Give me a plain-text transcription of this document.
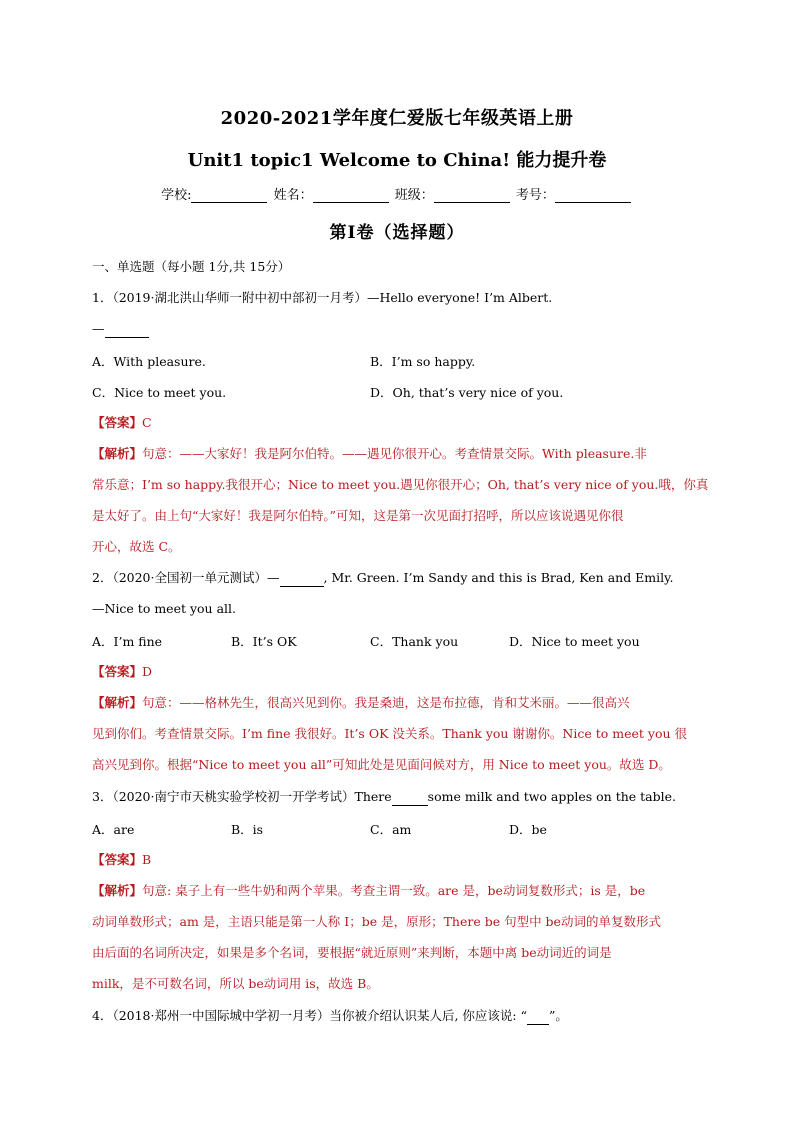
2020-2021学年度仁爱版七年级英语上册
Unit1 topic1 Welcome to China! 能力提升卷
学校:	姓名：	班级：	考号：
第Ⅰ卷（选择题）
一、单选题（每小题 1分,共 15分）
1．（2019·湖北洪山华师一附中初中部初一月考）—Hello everyone! I’m Albert.
—
A．With pleasure.	B．I’m so happy.
C．Nice to meet you.	D．Oh, that’s very nice of you.
【答案】C
【解析】句意：——大家好！我是阿尔伯特。——遇见你很开心。考查情景交际。With pleasure.非
常乐意；I’m so happy.我很开心；Nice to meet you.遇见你很开心；Oh, that’s very nice of you.哦，你真
是太好了。由上句“大家好！我是阿尔伯特。”可知，这是第一次见面打招呼，所以应该说遇见你很
开心，故选 C。
2．（2020·全国初一单元测试）—	, Mr. Green. I’m Sandy and this is Brad, Ken and Emily.
—Nice to meet you all.
A．I’m fine	B．It’s OK	C．Thank you	D．Nice to meet you
【答案】D
【解析】句意：——格林先生，很高兴见到你。我是桑迪，这是布拉德，肯和艾米丽。——很高兴
见到你们。考查情景交际。I’m fine 我很好。It’s OK 没关系。Thank you 谢谢你。Nice to meet you 很
高兴见到你。根据“Nice to meet you all”可知此处是见面问候对方，用 Nice to meet you。故选 D。
3．（2020·南宁市天桃实验学校初一开学考试）There	some milk and two apples on the table.
A．are	B．is	C．am	D．be
【答案】B
【解析】句意: 桌子上有一些牛奶和两个苹果。考查主谓一致。are 是，be动词复数形式；is 是，be
动词单数形式；am 是，主语只能是第一人称 I；be 是，原形；There be 句型中 be动词的单复数形式
由后面的名词所决定，如果是多个名词，要根据“就近原则”来判断，本题中离 be动词近的词是
milk，是不可数名词，所以 be动词用 is，故选 B。
4．（2018·郑州一中国际城中学初一月考）当你被介绍认识某人后, 你应该说: “ ”。
